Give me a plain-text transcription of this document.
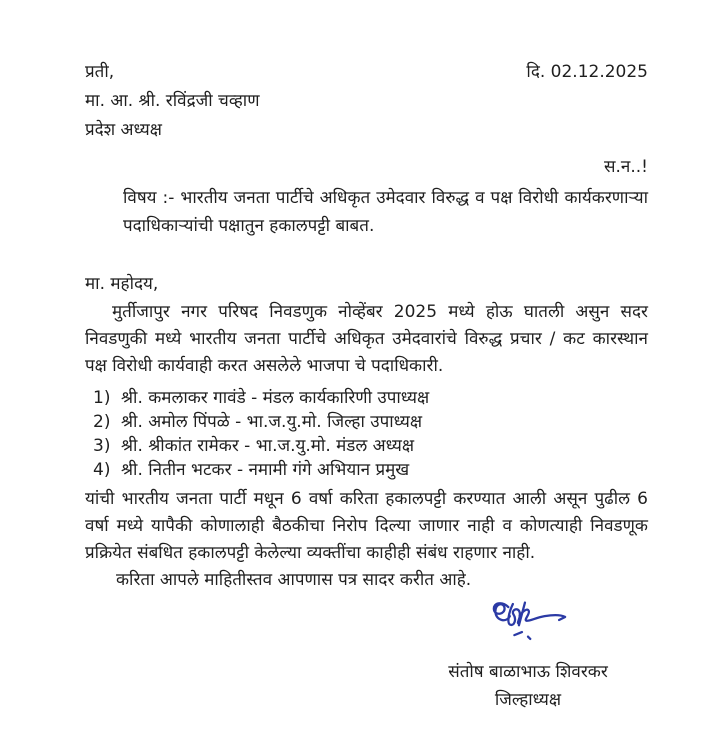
प्रती,	दि. 02.12.2025
मा. आ. श्री. रविंद्रजी चव्हाण
प्रदेश अध्यक्ष
स.न..!
विषय :- भारतीय जनता पार्टीचे अधिकृत उमेदवार विरुद्ध व पक्ष विरोधी कार्यकरणाऱ्या पदाधिकाऱ्यांची पक्षातुन हकालपट्टी बाबत.
मा. महोदय,
मुर्तीजापुर नगर परिषद निवडणुक नोव्हेंबर 2025 मध्ये होऊ घातली असुन सदर निवडणुकी मध्ये भारतीय जनता पार्टीचे अधिकृत उमेदवारांचे विरुद्ध प्रचार / कट कारस्थान पक्ष विरोधी कार्यवाही करत असलेले भाजपा चे पदाधिकारी.
1) श्री. कमलाकर गावंडे - मंडल कार्यकारिणी उपाध्यक्ष
2) श्री. अमोल पिंपळे - भा.ज.यु.मो. जिल्हा उपाध्यक्ष
3) श्री. श्रीकांत रामेकर - भा.ज.यु.मो. मंडल अध्यक्ष
4) श्री. नितीन भटकर - नमामी गंगे अभियान प्रमुख
यांची भारतीय जनता पार्टी मधून 6 वर्षा करिता हकालपट्टी करण्यात आली असून पुढील 6 वर्षा मध्ये यापैकी कोणालाही बैठकीचा निरोप दिल्या जाणार नाही व कोणत्याही निवडणूक प्रक्रियेत संबधित हकालपट्टी केलेल्या व्यक्तींचा काहीही संबंध राहणार नाही.
करिता आपले माहितीस्तव आपणास पत्र सादर करीत आहे.
संतोष बाळाभाऊ शिवरकर
जिल्हाध्यक्ष
